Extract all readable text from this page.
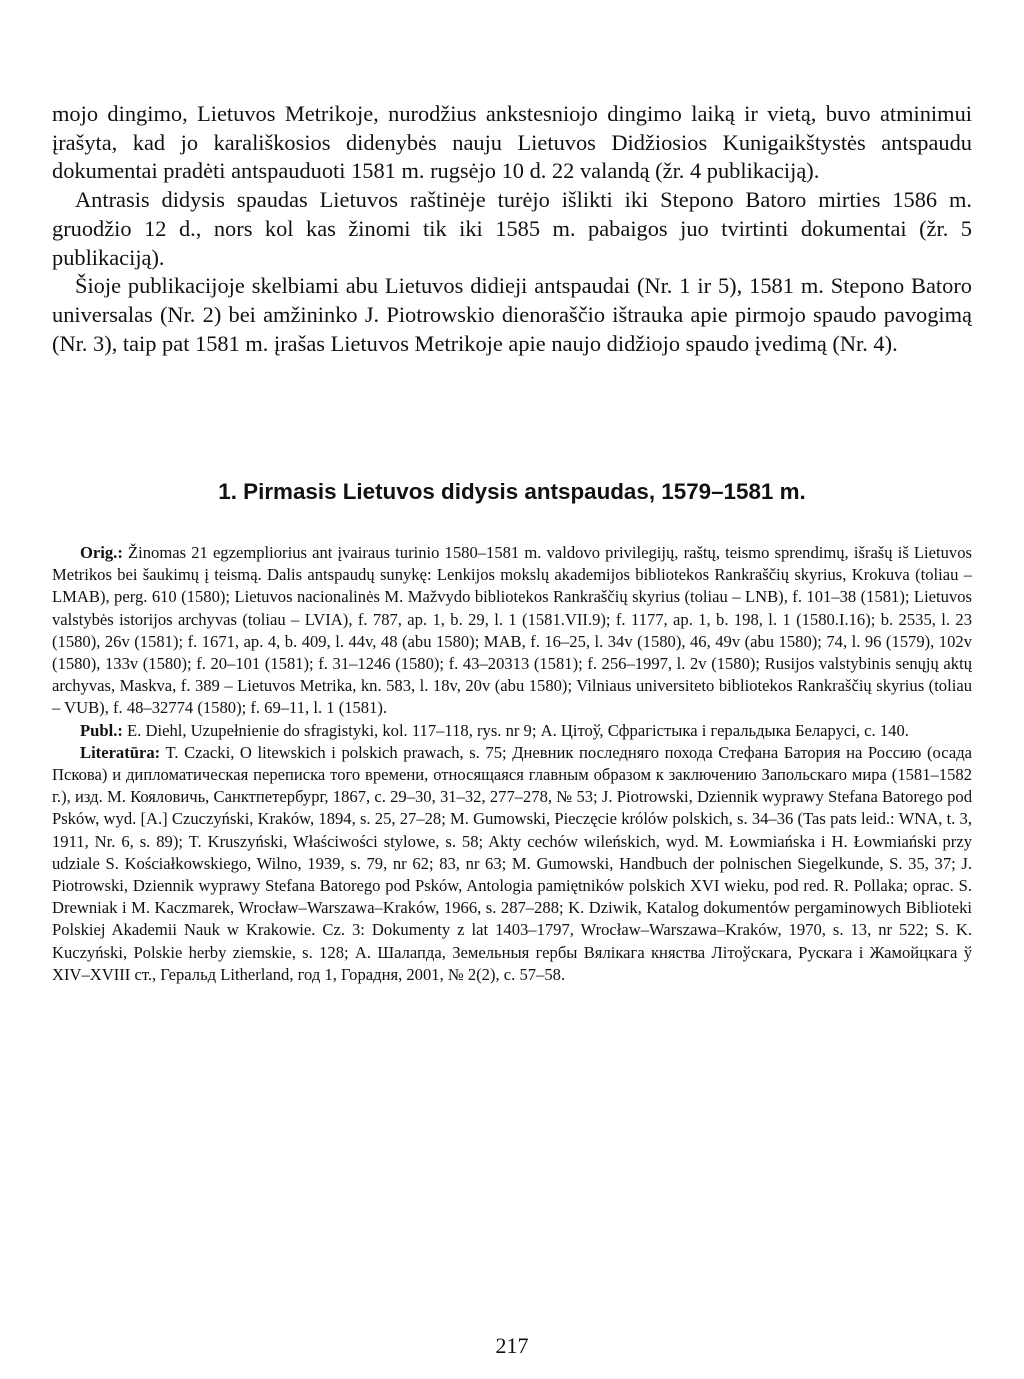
mojo dingimo, Lietuvos Metrikoje, nurodžius ankstesniojo dingimo laiką ir vietą, buvo atminimui įrašyta, kad jo karališkosios didenybės nauju Lietuvos Didžiosios Kunigaikštystės antspaudu dokumentai pradėti antspauduoti 1581 m. rugsėjo 10 d. 22 valandą (žr. 4 publikaciją).

Antrasis didysis spaudas Lietuvos raštinėje turėjo išlikti iki Stepono Batoro mirties 1586 m. gruodžio 12 d., nors kol kas žinomi tik iki 1585 m. pabaigos juo tvirtinti dokumentai (žr. 5 publikaciją).

Šioje publikacijoje skelbiami abu Lietuvos didieji antspaudai (Nr. 1 ir 5), 1581 m. Stepono Batoro universalas (Nr. 2) bei amžininko J. Piotrowskio dienoraščio ištrauka apie pirmojo spaudo pavogimą (Nr. 3), taip pat 1581 m. įrašas Lietuvos Metrikoje apie naujo didžiojo spaudo įvedimą (Nr. 4).

1. Pirmasis Lietuvos didysis antspaudas, 1579–1581 m.

Orig.: Žinomas 21 egzempliorius ant įvairaus turinio 1580–1581 m. valdovo privilegijų, raštų, teismo sprendimų, išrašų iš Lietuvos Metrikos bei šaukimų į teismą. Dalis antspaudų sunykę: Lenkijos mokslų akademijos bibliotekos Rankraščių skyrius, Krokuva (toliau – LMAB), perg. 610 (1580); Lietuvos nacionalinės M. Mažvydo bibliotekos Rankraščių skyrius (toliau – LNB), f. 101–38 (1581); Lietuvos valstybės istorijos archyvas (toliau – LVIA), f. 787, ap. 1, b. 29, l. 1 (1581.VII.9); f. 1177, ap. 1, b. 198, l. 1 (1580.I.16); b. 2535, l. 23 (1580), 26v (1581); f. 1671, ap. 4, b. 409, l. 44v, 48 (abu 1580); MAB, f. 16–25, l. 34v (1580), 46, 49v (abu 1580); 74, l. 96 (1579), 102v (1580), 133v (1580); f. 20–101 (1581); f. 31–1246 (1580); f. 43–20313 (1581); f. 256–1997, l. 2v (1580); Rusijos valstybinis senųjų aktų archyvas, Maskva, f. 389 – Lietuvos Metrika, kn. 583, l. 18v, 20v (abu 1580); Vilniaus universiteto bibliotekos Rankraščių skyrius (toliau – VUB), f. 48–32774 (1580); f. 69–11, l. 1 (1581).

Publ.: E. Diehl, Uzupełnienie do sfragistyki, kol. 117–118, rys. nr 9; А. Цітоў, Сфрагістыка і геральдыка Беларусі, с. 140.

Literatūra: T. Czacki, O litewskich i polskich prawach, s. 75; Дневник последняго похода Стефана Батория на Россию (осада Пскова) и дипломатическая переписка того времени, относящаяся главным образом к заключению Запольскаго мира (1581–1582 г.), изд. М. Кояловичь, Санктпетербург, 1867, с. 29–30, 31–32, 277–278, № 53; J. Piotrowski, Dziennik wyprawy Stefana Batorego pod Psków, wyd. [A.] Czuczyński, Kraków, 1894, s. 25, 27–28; M. Gumowski, Pieczęcie królów polskich, s. 34–36 (Tas pats leid.: WNA, t. 3, 1911, Nr. 6, s. 89); T. Kruszyński, Właściwości stylowe, s. 58; Akty cechów wileńskich, wyd. M. Łowmiańska i H. Łowmiański przy udziale S. Kościałkowskiego, Wilno, 1939, s. 79, nr 62; 83, nr 63; M. Gumowski, Handbuch der polnischen Siegelkunde, S. 35, 37; J. Piotrowski, Dziennik wyprawy Stefana Batorego pod Psków, Antologia pamiętników polskich XVI wieku, pod red. R. Pollaka; oprac. S. Drewniak i M. Kaczmarek, Wrocław–Warszawa–Kraków, 1966, s. 287–288; K. Dziwik, Katalog dokumentów pergaminowych Biblioteki Polskiej Akademii Nauk w Krakowie. Cz. 3: Dokumenty z lat 1403–1797, Wrocław–Warszawa–Kraków, 1970, s. 13, nr 522; S. K. Kuczyński, Polskie herby ziemskie, s. 128; А. Шалапда, Земельныя гербы Вялікага княства Літоўскага, Рускага і Жамойцкага ў XIV–XVIII ст., Геральд Litherland, год 1, Горадня, 2001, № 2(2), с. 57–58.

217
